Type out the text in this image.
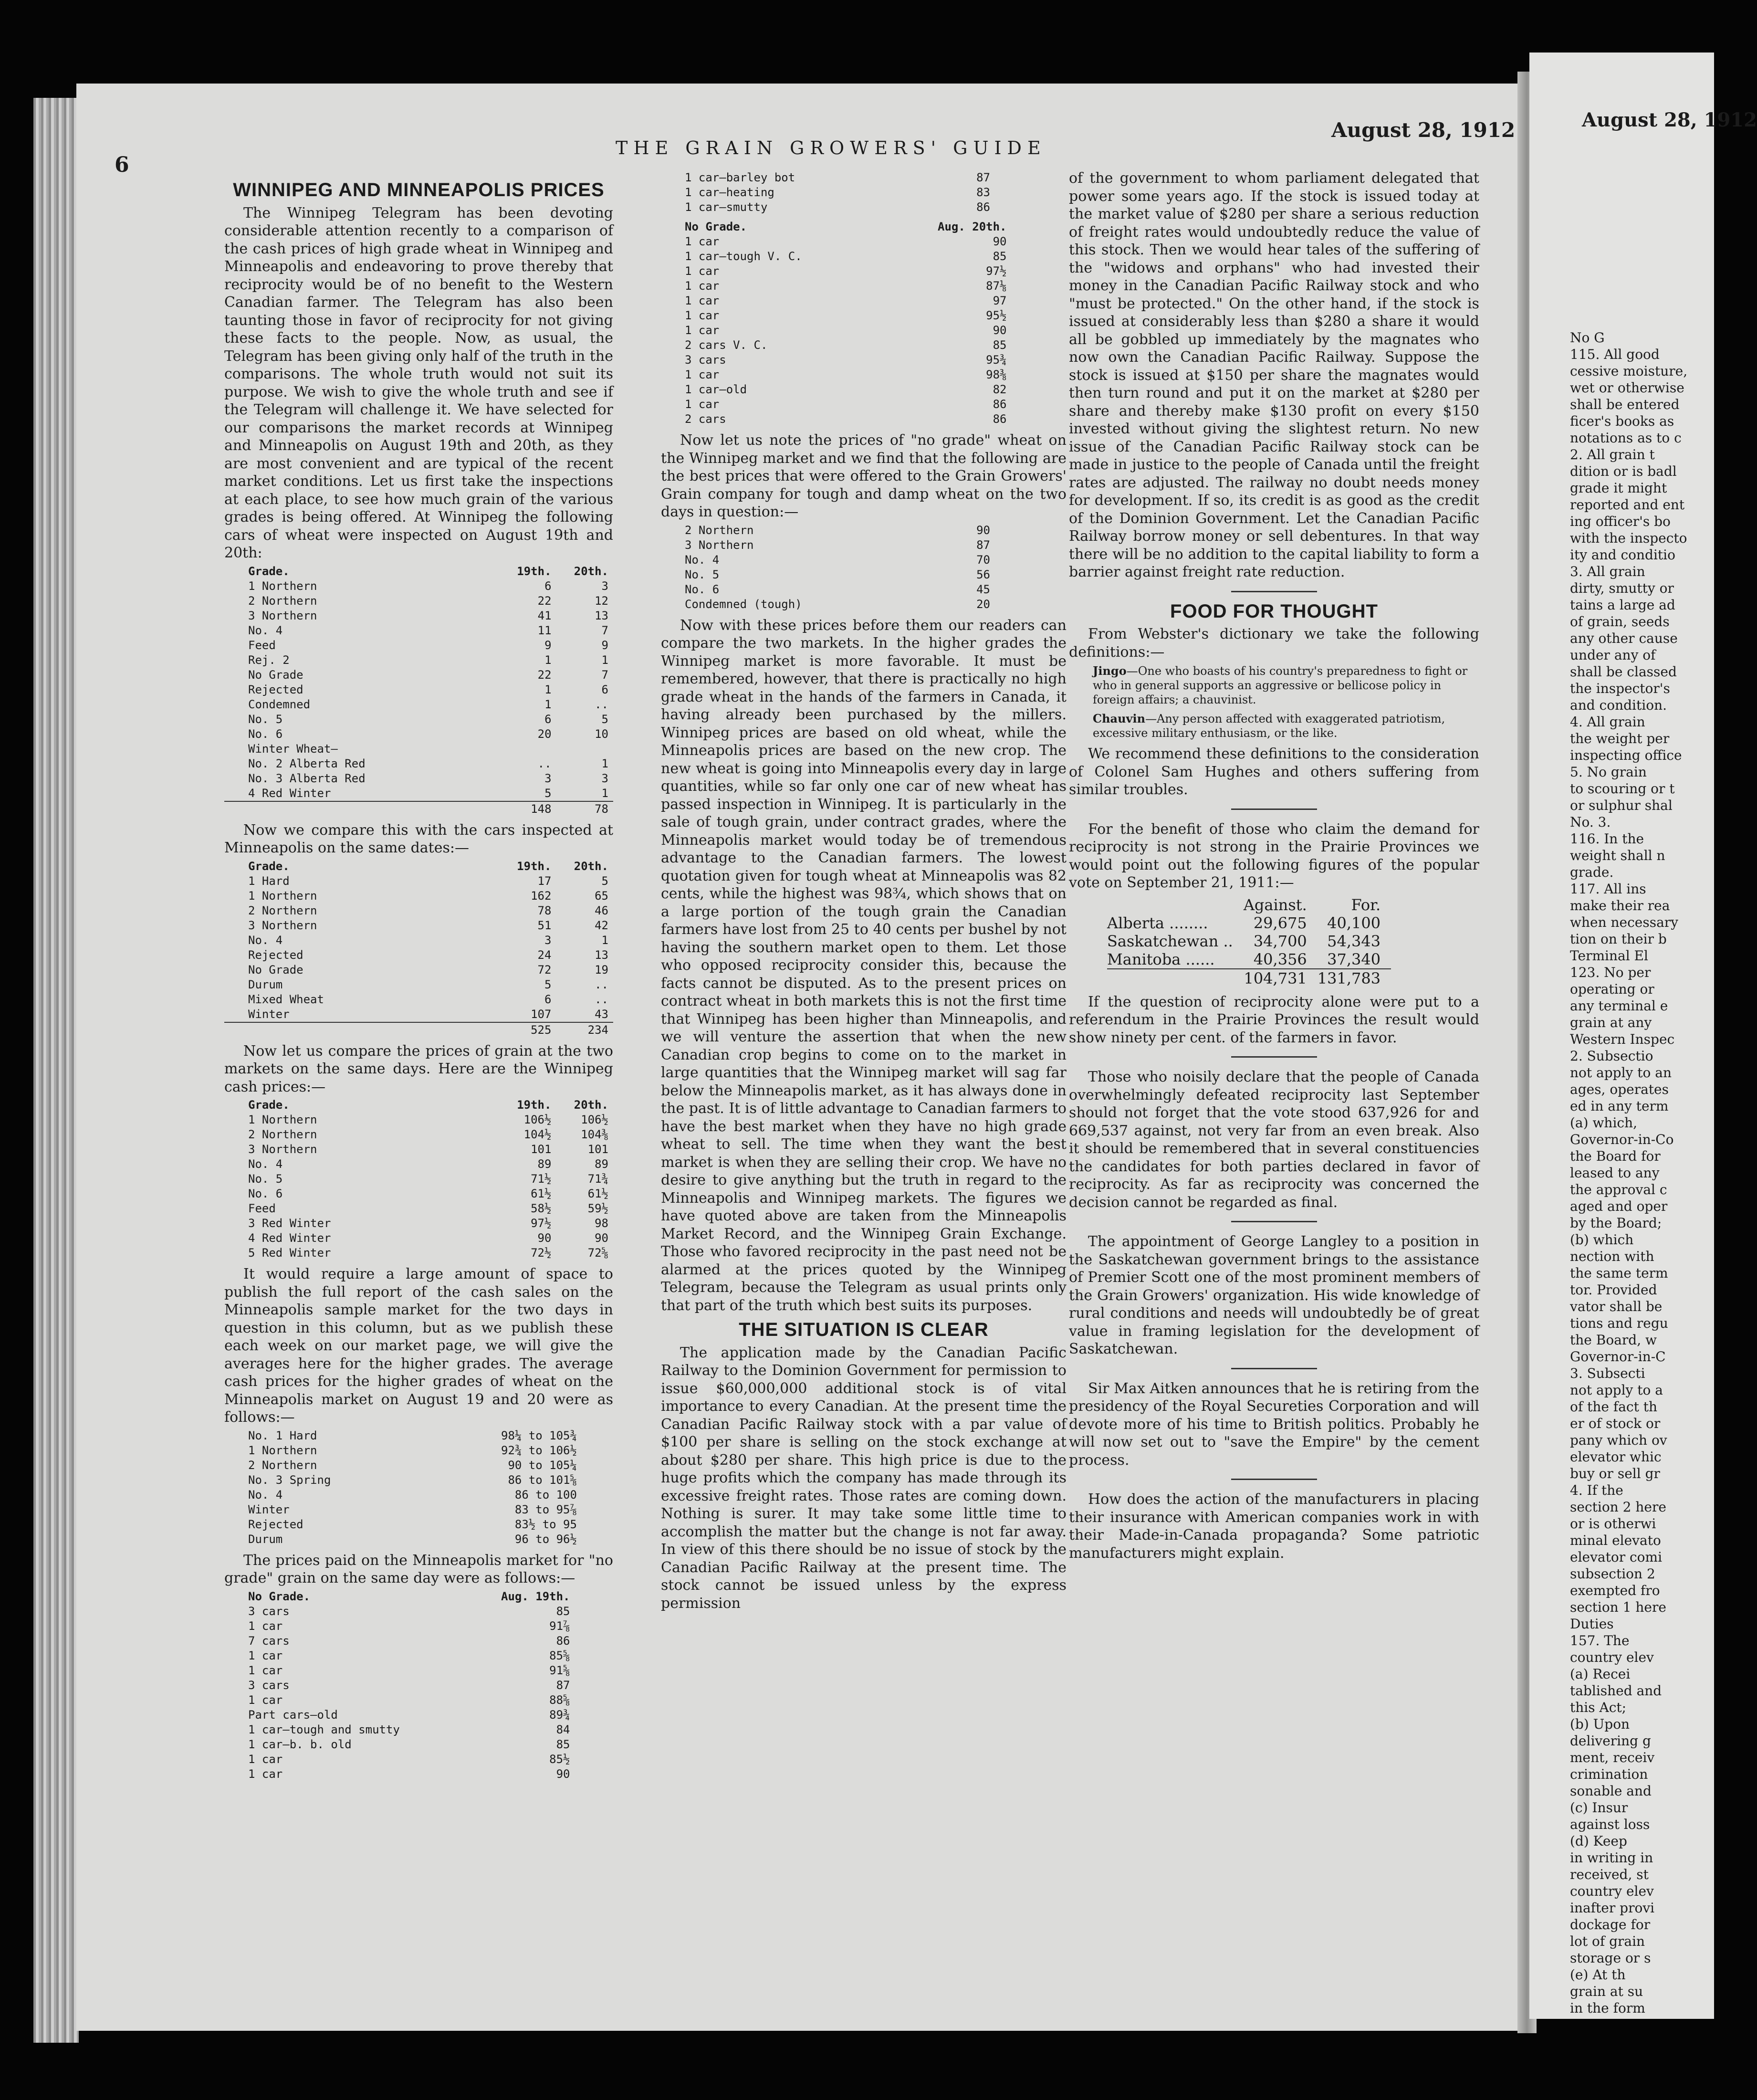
August 28, 1912
6
THE GRAIN GROWERS' GUIDE
August 28, 1912
WINNIPEG AND MINNEAPOLIS PRICES

The Winnipeg Telegram has been devoting considerable attention recently to a comparison of the cash prices of high grade wheat in Winnipeg and Minneapolis and endeavoring to prove thereby that reciprocity would be of no benefit to the Western Canadian farmer. The Telegram has also been taunting those in favor of reciprocity for not giving these facts to the people. Now, as usual, the Telegram has been giving only half of the truth in the comparisons. The whole truth would not suit its purpose. We wish to give the whole truth and see if the Telegram will challenge it. We have selected for our comparisons the market records at Winnipeg and Minneapolis on August 19th and 20th, as they are most convenient and are typical of the recent market conditions. Let us first take the inspections at each place, to see how much grain of the various grades is being offered. At Winnipeg the following cars of wheat were inspected on August 19th and 20th:

Grade.	19th.	20th.
1 Northern	6	3
2 Northern	22	12
3 Northern	41	13
No. 4	11	7
Feed	9	9
Rej. 2	1	1
No Grade	22	7
Rejected	1	6
Condemned	1	..
No. 5	6	5
No. 6	20	10
Winter Wheat—		
No. 2 Alberta Red	..	1
No. 3 Alberta Red	3	3
4 Red Winter	5	1
	148	78

Now we compare this with the cars inspected at Minneapolis on the same dates:—

Grade.	19th.	20th.
1 Hard	17	5
1 Northern	162	65
2 Northern	78	46
3 Northern	51	42
No. 4	3	1
Rejected	24	13
No Grade	72	19
Durum	5	..
Mixed Wheat	6	..
Winter	107	43
	525	234

Now let us compare the prices of grain at the two markets on the same days. Here are the Winnipeg cash prices:—

Grade.	19th.	20th.
1 Northern	106½	106½
2 Northern	104½	104⅜
3 Northern	101	101
No. 4	89	89
No. 5	71½	71¾
No. 6	61½	61½
Feed	58½	59½
3 Red Winter	97½	98
4 Red Winter	90	90
5 Red Winter	72½	72⅝

It would require a large amount of space to publish the full report of the cash sales on the Minneapolis sample market for the two days in question in this column, but as we publish these each week on our market page, we will give the averages here for the higher grades. The average cash prices for the higher grades of wheat on the Minneapolis market on August 19 and 20 were as follows:—

No. 1 Hard	98¼ to 105¾
1 Northern	92¾ to 106½
2 Northern	90 to 105¼
No. 3 Spring	86 to 101⅝
No. 4	86 to 100
Winter	83 to 95⅞
Rejected	83½ to 95
Durum	96 to 96½

The prices paid on the Minneapolis market for "no grade" grain on the same day were as follows:—

No Grade.	Aug. 19th.
3 cars	85
1 car	91⅞
7 cars	86
1 car	85⅝
1 car	91⅝
3 cars	87
1 car	88⅝
Part cars—old	89¾
1 car—tough and smutty	84
1 car—b. b. old	85
1 car	85½
1 car	90
1 car—barley bot	87
1 car—heating	83
1 car—smutty	86
No Grade.	Aug. 20th.
1 car	90
1 car—tough V. C.	85
1 car	97½
1 car	87⅛
1 car	97
1 car	95½
1 car	90
2 cars V. C.	85
3 cars	95¾
1 car	98⅜
1 car—old	82
1 car	86
2 cars	86

Now let us note the prices of "no grade" wheat on the Winnipeg market and we find that the following are the best prices that were offered to the Grain Growers' Grain company for tough and damp wheat on the two days in question:—

2 Northern	90
3 Northern	87
No. 4	70
No. 5	56
No. 6	45
Condemned (tough)	20

Now with these prices before them our readers can compare the two markets. In the higher grades the Winnipeg market is more favorable. It must be remembered, however, that there is practically no high grade wheat in the hands of the farmers in Canada, it having already been purchased by the millers. Winnipeg prices are based on old wheat, while the Minneapolis prices are based on the new crop. The new wheat is going into Minneapolis every day in large quantities, while so far only one car of new wheat has passed inspection in Winnipeg. It is particularly in the sale of tough grain, under contract grades, where the Minneapolis market would today be of tremendous advantage to the Canadian farmers. The lowest quotation given for tough wheat at Minneapolis was 82 cents, while the highest was 98¾, which shows that on a large portion of the tough grain the Canadian farmers have lost from 25 to 40 cents per bushel by not having the southern market open to them. Let those who opposed reciprocity consider this, because the facts cannot be disputed. As to the present prices on contract wheat in both markets this is not the first time that Winnipeg has been higher than Minneapolis, and we will venture the assertion that when the new Canadian crop begins to come on to the market in large quantities that the Winnipeg market will sag far below the Minneapolis market, as it has always done in the past. It is of little advantage to Canadian farmers to have the best market when they have no high grade wheat to sell. The time when they want the best market is when they are selling their crop. We have no desire to give anything but the truth in regard to the Minneapolis and Winnipeg markets. The figures we have quoted above are taken from the Minneapolis Market Record, and the Winnipeg Grain Exchange. Those who favored reciprocity in the past need not be alarmed at the prices quoted by the Winnipeg Telegram, because the Telegram as usual prints only that part of the truth which best suits its purposes.

THE SITUATION IS CLEAR

The application made by the Canadian Pacific Railway to the Dominion Government for permission to issue $60,000,000 additional stock is of vital importance to every Canadian. At the present time the Canadian Pacific Railway stock with a par value of $100 per share is selling on the stock exchange at about $280 per share. This high price is due to the huge profits which the company has made through its excessive freight rates. Those rates are coming down. Nothing is surer. It may take some little time to accomplish the matter but the change is not far away. In view of this there should be no issue of stock by the Canadian Pacific Railway at the present time. The stock cannot be issued unless by the express permission

of the government to whom parliament delegated that power some years ago. If the stock is issued today at the market value of $280 per share a serious reduction of freight rates would undoubtedly reduce the value of this stock. Then we would hear tales of the suffering of the "widows and orphans" who had invested their money in the Canadian Pacific Railway stock and who "must be protected." On the other hand, if the stock is issued at considerably less than $280 a share it would all be gobbled up immediately by the magnates who now own the Canadian Pacific Railway. Suppose the stock is issued at $150 per share the magnates would then turn round and put it on the market at $280 per share and thereby make $130 profit on every $150 invested without giving the slightest return. No new issue of the Canadian Pacific Railway stock can be made in justice to the people of Canada until the freight rates are adjusted. The railway no doubt needs money for development. If so, its credit is as good as the credit of the Dominion Government. Let the Canadian Pacific Railway borrow money or sell debentures. In that way there will be no addition to the capital liability to form a barrier against freight rate reduction.

FOOD FOR THOUGHT

From Webster's dictionary we take the following definitions:—

Jingo—One who boasts of his country's preparedness to fight or who in general supports an aggressive or bellicose policy in foreign affairs; a chauvinist.
Chauvin—Any person affected with exaggerated patriotism, excessive military enthusiasm, or the like.

We recommend these definitions to the consideration of Colonel Sam Hughes and others suffering from similar troubles.

For the benefit of those who claim the demand for reciprocity is not strong in the Prairie Provinces we would point out the following figures of the popular vote on September 21, 1911:—

	Against.	For.
Alberta ........	29,675	40,100
Saskatchewan ..	34,700	54,343
Manitoba ......	40,356	37,340
	104,731	131,783

If the question of reciprocity alone were put to a referendum in the Prairie Provinces the result would show ninety per cent. of the farmers in favor.

Those who noisily declare that the people of Canada overwhelmingly defeated reciprocity last September should not forget that the vote stood 637,926 for and 669,537 against, not very far from an even break. Also it should be remembered that in several constituencies the candidates for both parties declared in favor of reciprocity. As far as reciprocity was concerned the decision cannot be regarded as final.

The appointment of George Langley to a position in the Saskatchewan government brings to the assistance of Premier Scott one of the most prominent members of the Grain Growers' organization. His wide knowledge of rural conditions and needs will undoubtedly be of great value in framing legislation for the development of Saskatchewan.

Sir Max Aitken announces that he is retiring from the presidency of the Royal Secureties Corporation and will devote more of his time to British politics. Probably he will now set out to "save the Empire" by the cement process.

How does the action of the manufacturers in placing their insurance with American companies work in with their Made-in-Canada propaganda? Some patriotic manufacturers might explain.

No G
115. All good
cessive moisture,
wet or otherwise
shall be entered
ficer's books as
notations as to c
2. All grain t
dition or is badl
grade it might
reported and ent
ing officer's bo
with the inspecto
ity and conditio
3. All grain
dirty, smutty or
tains a large ad
of grain, seeds
any other cause
under any of
shall be classed
the inspector's
and condition.
4. All grain
the weight per
inspecting office
5. No grain
to scouring or t
or sulphur shal
No. 3.
116. In the
weight shall n
grade.
117. All ins
make their rea
when necessary
tion on their b
Terminal El
123. No per
operating or
any terminal e
grain at any
Western Inspec
2. Subsectio
not apply to an
ages, operates
ed in any term
(a) which,
Governor-in-Co
the Board for
leased to any
the approval c
aged and oper
by the Board;
(b) which
nection with
the same term
tor. Provided
vator shall be
tions and regu
the Board, w
Governor-in-C
3. Subsecti
not apply to a
of the fact th
er of stock or
pany which ov
elevator whic
buy or sell gr
4. If the
section 2 here
or is otherwi
minal elevato
elevator comi
subsection 2
exempted fro
section 1 here
Duties
157. The
country elev
(a) Recei
tablished and
this Act;
(b) Upon
delivering g
ment, receiv
crimination
sonable and
(c) Insur
against loss
(d) Keep
in writing in
received, st
country elev
inafter provi
dockage for
lot of grain
storage or s
(e) At th
grain at su
in the form
